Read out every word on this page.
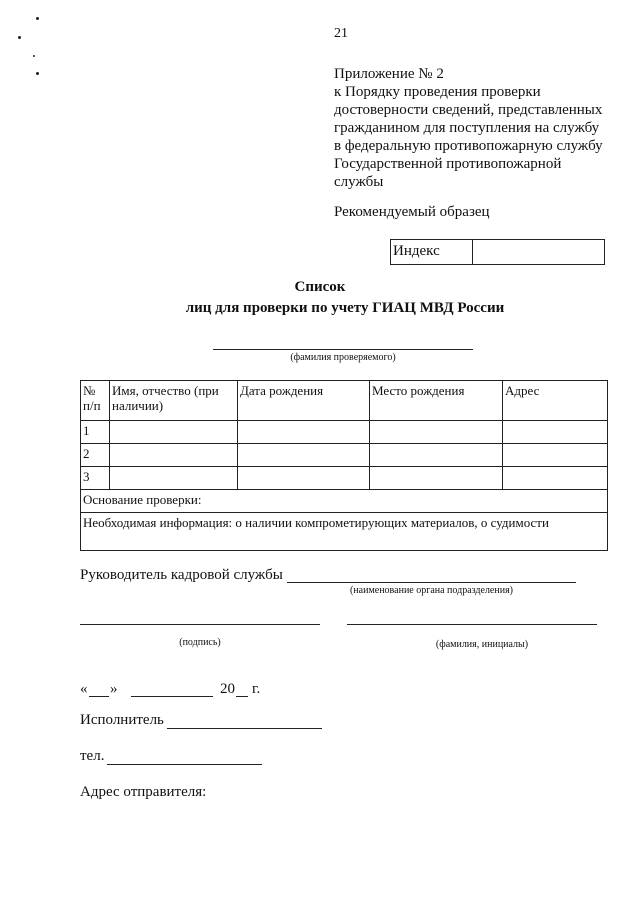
21
Приложение № 2
к Порядку проведения проверки
достоверности сведений, представленных
гражданином для поступления на службу
в федеральную противопожарную службу
Государственной противопожарной
службы
Рекомендуемый образец
Индекс
Список
лиц для проверки по учету ГИАЦ МВД России
(фамилия проверяемого)
№ п/п	Имя, отчество (при наличии)	Дата рождения	Место рождения	Адрес
1				
2				
3				
Основание проверки:				
Необходимая информация: о наличии компрометирующих материалов, о судимости				
Руководитель кадровой службы
(наименование органа подразделения)
(подпись)	(фамилия, инициалы)
« »	20 г.
Исполнитель
тел.
Адрес отправителя:
